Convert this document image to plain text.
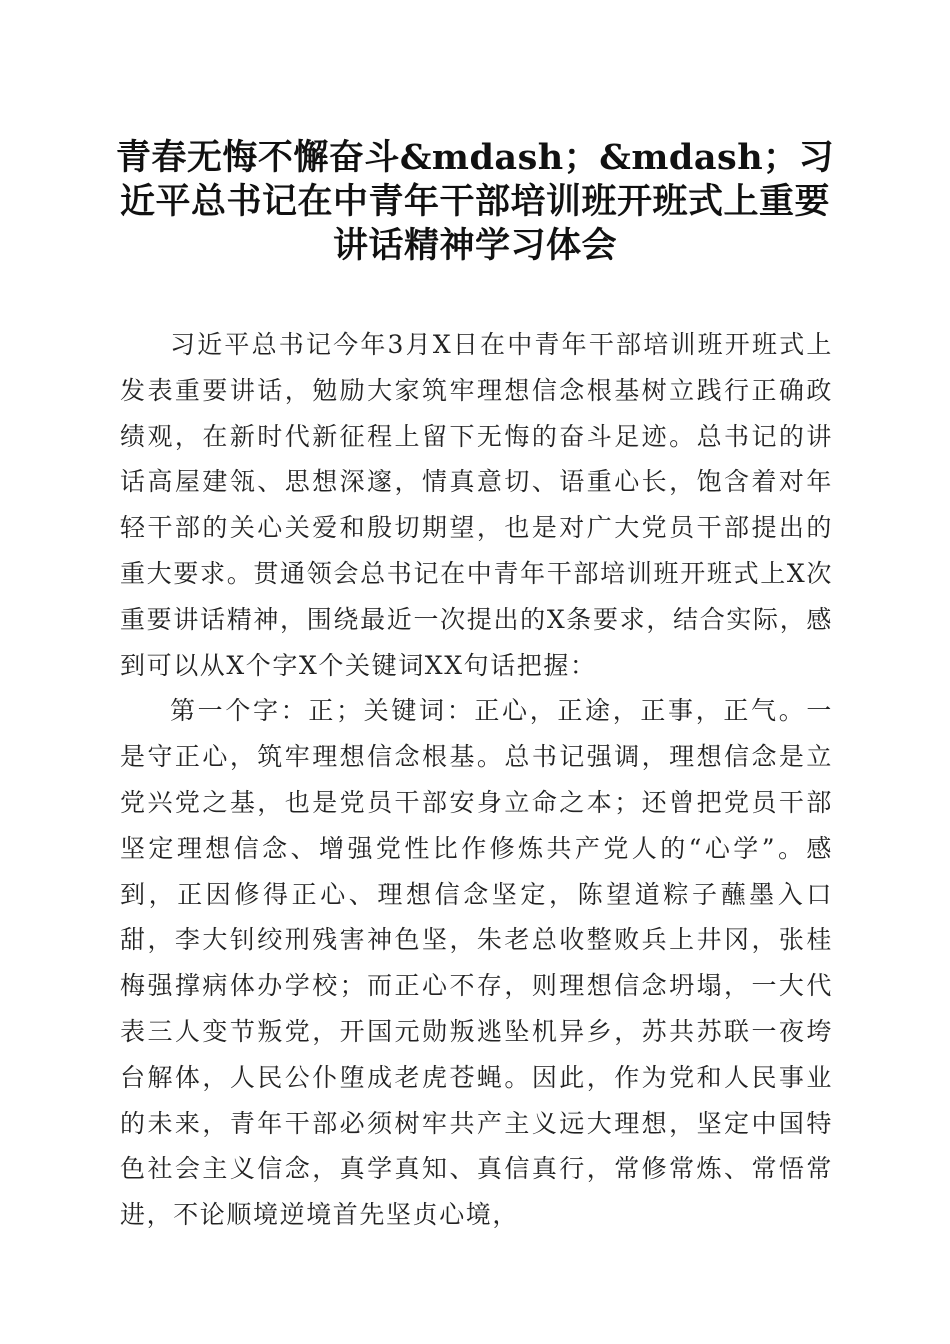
青春无悔不懈奋斗&mdash；&mdash；习近平总书记在中青年干部培训班开班式上重要讲话精神学习体会

习近平总书记今年3月X日在中青年干部培训班开班式上发表重要讲话，勉励大家筑牢理想信念根基树立践行正确政绩观，在新时代新征程上留下无悔的奋斗足迹。总书记的讲话高屋建瓴、思想深邃，情真意切、语重心长，饱含着对年轻干部的关心关爱和殷切期望，也是对广大党员干部提出的重大要求。贯通领会总书记在中青年干部培训班开班式上X次重要讲话精神，围绕最近一次提出的X条要求，结合实际，感到可以从X个字X个关键词XX句话把握：

第一个字：正；关键词：正心，正途，正事，正气。一是守正心，筑牢理想信念根基。总书记强调，理想信念是立党兴党之基，也是党员干部安身立命之本；还曾把党员干部坚定理想信念、增强党性比作修炼共产党人的“心学”。感到，正因修得正心、理想信念坚定，陈望道粽子蘸墨入口甜，李大钊绞刑残害神色坚，朱老总收整败兵上井冈，张桂梅强撑病体办学校；而正心不存，则理想信念坍塌，一大代表三人变节叛党，开国元勋叛逃坠机异乡，苏共苏联一夜垮台解体，人民公仆堕成老虎苍蝇。因此，作为党和人民事业的未来，青年干部必须树牢共产主义远大理想，坚定中国特色社会主义信念，真学真知、真信真行，常修常炼、常悟常进，不论顺境逆境首先坚贞心境，
